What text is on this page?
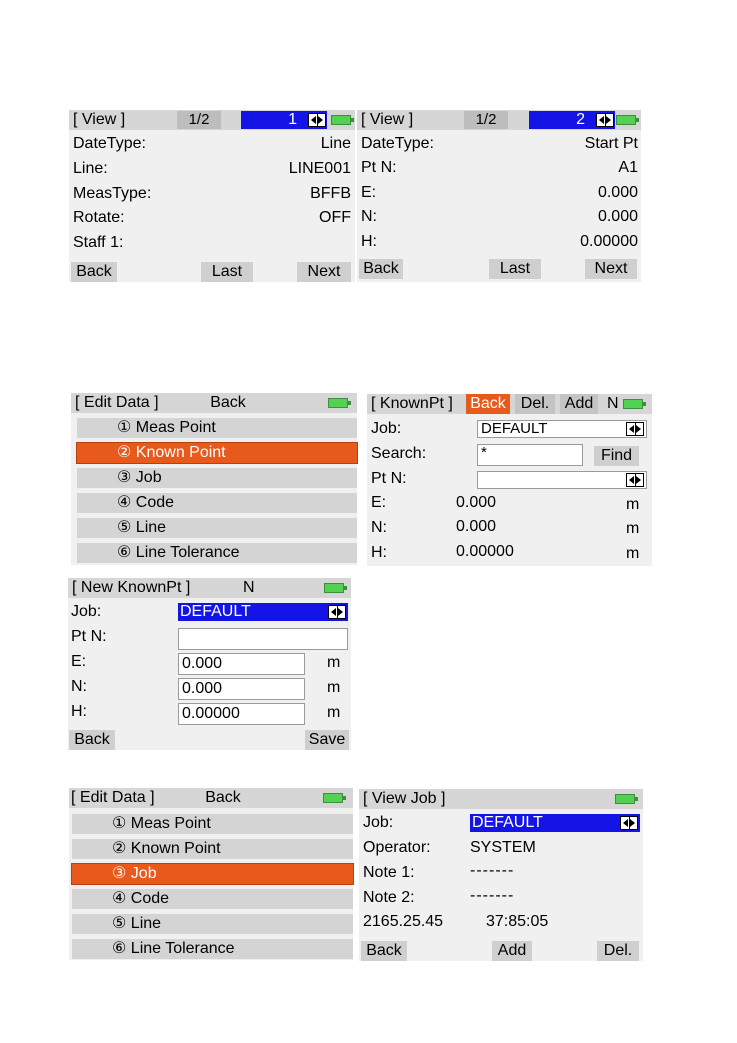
[ View ]	1/2	1
DateType:	Line
Line:	LINE001
MeasType:	BFFB
Rotate:	OFF
Staff 1:
Back	Last	Next
[ View ]	1/2	2
DateType:	Start Pt
Pt N:	A1
E:	0.000
N:	0.000
H:	0.00000
Back	Last	Next
[ Edit Data ]	Back
① Meas Point
② Known Point
③ Job
④ Code
⑤ Line
⑥ Line Tolerance
[ KnownPt ] Back Del. Add N
Job:	DEFAULT
Search:	*	Find
Pt N:
E:	0.000	m
N:	0.000	m
H:	0.00000	m
[ New KnownPt ]	N
Job:	DEFAULT
Pt N:
E:	0.000	m
N:	0.000	m
H:	0.00000	m
Back	Save
[ Edit Data ]	Back
① Meas Point
② Known Point
③ Job
④ Code
⑤ Line
⑥ Line Tolerance
[ View Job ]
Job:	DEFAULT
Operator: SYSTEM
Note 1:	-------
Note 2:	-------
2165.25.45	37:85:05
Back	Add	Del.
